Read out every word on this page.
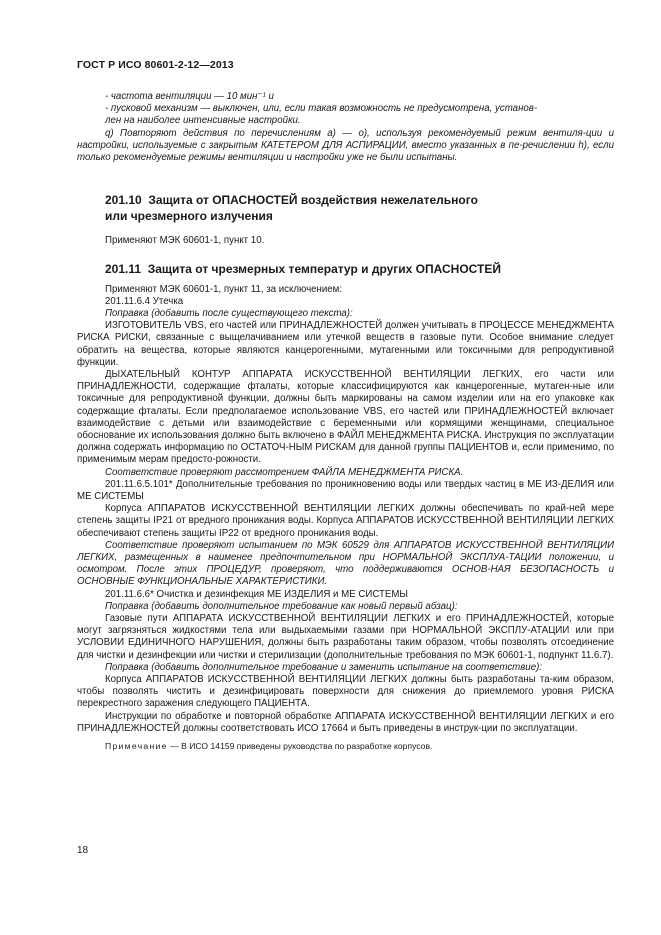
ГОСТ Р ИСО 80601-2-12—2013

- частота вентиляции — 10 мин⁻¹ и

- пусковой механизм — выключен, или, если такая возможность не предусмотрена, установ-

лен на наиболее интенсивные настройки.

q) Повторяют действия по перечислениям а) — о), используя рекомендуемый режим вентиля-ции и настройки, используемые с закрытым КАТЕТЕРОМ ДЛЯ АСПИРАЦИИ, вместо указанных в пе-речислении h), если только рекомендуемые режимы вентиляции и настройки уже не были испытаны.

201.10 Защита от ОПАСНОСТЕЙ воздействия нежелательного
или чрезмерного излучения

Применяют МЭК 60601-1, пункт 10.

201.11 Защита от чрезмерных температур и других ОПАСНОСТЕЙ

Применяют МЭК 60601-1, пункт 11, за исключением:

201.11.6.4 Утечка

Поправка (добавить после существующего текста):

ИЗГОТОВИТЕЛЬ VBS, его частей или ПРИНАДЛЕЖНОСТЕЙ должен учитывать в ПРОЦЕССЕ МЕНЕДЖМЕНТА РИСКА РИСКИ, связанные с выщелачиванием или утечкой веществ в газовые пути. Особое внимание следует обратить на вещества, которые являются канцерогенными, мутагенными или токсичными для репродуктивной функции.

ДЫХАТЕЛЬНЫЙ КОНТУР АППАРАТА ИСКУССТВЕННОЙ ВЕНТИЛЯЦИИ ЛЕГКИХ, его части или ПРИНАДЛЕЖНОСТИ, содержащие фталаты, которые классифицируются как канцерогенные, мутаген-ные или токсичные для репродуктивной функции, должны быть маркированы на самом изделии или на его упаковке как содержащие фталаты. Если предполагаемое использование VBS, его частей или ПРИНАДЛЕЖНОСТЕЙ включает взаимодействие с детьми или взаимодействие с беременными или кормящими женщинами, специальное обоснование их использования должно быть включено в ФАЙЛ МЕНЕДЖМЕНТА РИСКА. Инструкция по эксплуатации должна содержать информацию по ОСТАТОЧ-НЫМ РИСКАМ для данной группы ПАЦИЕНТОВ и, если применимо, по применимым мерам предосто-рожности.

Соответствие проверяют рассмотрением ФАЙЛА МЕНЕДЖМЕНТА РИСКА.

201.11.6.5.101* Дополнительные требования по проникновению воды или твердых частиц в МЕ ИЗ-ДЕЛИЯ или МЕ СИСТЕМЫ

Корпуса АППАРАТОВ ИСКУССТВЕННОЙ ВЕНТИЛЯЦИИ ЛЕГКИХ должны обеспечивать по край-ней мере степень защиты IP21 от вредного проникания воды. Корпуса АППАРАТОВ ИСКУССТВЕННОЙ ВЕНТИЛЯЦИИ ЛЕГКИХ обеспечивают степень защиты IP22 от вредного проникания воды.

Соответствие проверяют испытанием по МЭК 60529 для АППАРАТОВ ИСКУССТВЕННОЙ ВЕНТИЛЯЦИИ ЛЕГКИХ, размещенных в наименее предпочтительном при НОРМАЛЬНОЙ ЭКСПЛУА-ТАЦИИ положении, и осмотром. После этих ПРОЦЕДУР, проверяют, что поддерживаются ОСНОВ-НАЯ БЕЗОПАСНОСТЬ и ОСНОВНЫЕ ФУНКЦИОНАЛЬНЫЕ ХАРАКТЕРИСТИКИ.

201.11.6.6* Очистка и дезинфекция МЕ ИЗДЕЛИЯ и МЕ СИСТЕМЫ

Поправка (добавить дополнительное требование как новый первый абзац):

Газовые пути АППАРАТА ИСКУССТВЕННОЙ ВЕНТИЛЯЦИИ ЛЕГКИХ и его ПРИНАДЛЕЖНОСТЕЙ, которые могут загрязняться жидкостями тела или выдыхаемыми газами при НОРМАЛЬНОЙ ЭКСПЛУ-АТАЦИИ или при УСЛОВИИ ЕДИНИЧНОГО НАРУШЕНИЯ, должны быть разработаны таким образом, чтобы позволять отсоединение для чистки и дезинфекции или чистки и стерилизации (дополнительные требования по МЭК 60601-1, подпункт 11.6.7).

Поправка (добавить дополнительное требование и заменить испытание на соответствие):

Корпуса АППАРАТОВ ИСКУССТВЕННОЙ ВЕНТИЛЯЦИИ ЛЕГКИХ должны быть разработаны та-ким образом, чтобы позволять чистить и дезинфицировать поверхности для снижения до приемлемого уровня РИСКА перекрестного заражения следующего ПАЦИЕНТА.

Инструкции по обработке и повторной обработке АППАРАТА ИСКУССТВЕННОЙ ВЕНТИЛЯЦИИ ЛЕГКИХ и его ПРИНАДЛЕЖНОСТЕЙ должны соответствовать ИСО 17664 и быть приведены в инструк-ции по эксплуатации.

Примечание — В ИСО 14159 приведены руководства по разработке корпусов.

18
